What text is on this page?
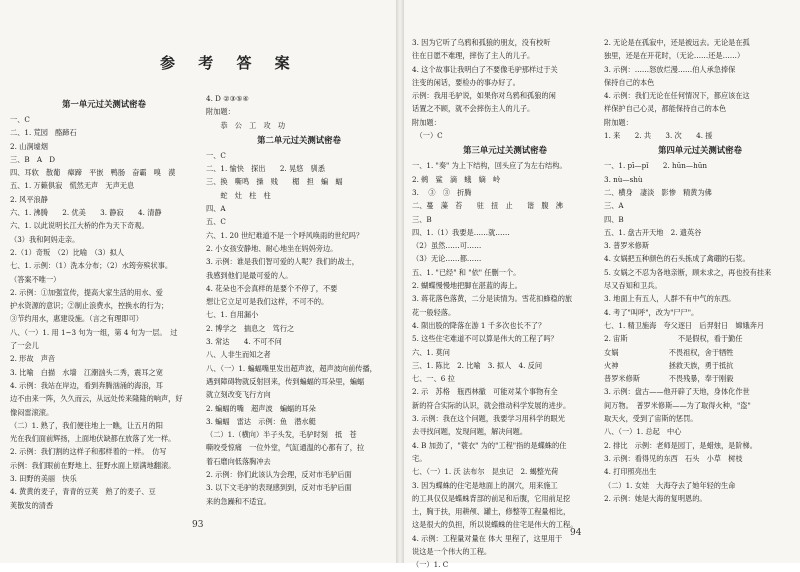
参 考 答 案
第一单元过关测试密卷
一、C
二、1. 荒园　酪蹄石
2. 山涧墟烟
三、B　A　D
四、耳软　散葡　瘴蹄　平嵌　鸭肠　奋霸　嗅　漠
五、1. 万籁俱寂　慌然无声　无声无息
2. 风平浪静
六、1. 沸腾　　2. 优美　　3. 静寂　　4. 清静
六、1. 以此说明长江大桥的作为天下奇观。
（3）我和阿妈走亲。
2.（1）奇叛　（2）比喻　（3）拟人
七、1. 示例：（1）洗本分布；（2）水筠旁殡状事。
（答案不唯一）
2. 示例：①加强宣传，提高大家生活的用水、爱
护水资源的意识；②制止浪费水，控换水的行为；
③节约用水，惠建设施。（言之有理即可）
八、（一）1. 用 1~3 句为一组，第 4 句为一层。　过
了一会儿
2. 形故　声音
3. 比喻　白描　水墙　江潮汹头二秀，震耳之宽
4. 示例：我站在岸边，看到奔腾汹涌的海浪，耳
边不由来一阵，久久而云，从远处传来隆隆的响声，好
像闷雷滚滚。
（二）1. 熟了，我们便往地上一瞧，让五月的阳
光在我们面前辉扬，上面地伏缺都在放落了光一样。
2. 示例：我们割的这样子和那样着的一样。　仿写
示例：我们眼前在野地上、狂野水面上原满地翻滚。
3. 田野的美丽　快乐
4. 黄黄的麦子，青青的豆荚　熟了的麦子、豆
荚散发的清香
4. D ②③⑤④
附加题：
　　恭　公　工　攻　功
第二单元过关测试密卷
一、C
二、1. 愉快　探出　　2. 晃悠　驯悉
三、换　嘶鸣　操　贱　　楣　担　蝙　蝠
　　蛇　灶　柱　柱
四、A
五、C
六、1. 20 世纪难道不是一个呼风唤雨的世纪吗？
2. 小女孩安静地、耐心地坐在妈妈旁边。
3. 示例：谁是我们智可爱的人呢？我们的战士，
我感到他们是最可爱的人。
4. 花朵也不会真样的是要个不停了，不要
想让它立足可是我们这样，不可不的。
七、1. 自用漏小
2. 博学之　揣息之　笃行之
3. 常达　　4. 不可不问
八、人非生而知之者
八、（一）1. 蝙蝠嘴里发出超声波，超声波向前传播，
遇到障碍物就反射回来，传到蝙蝠的耳朵里，蝙蝠
就立刻改变飞行方向
2. 蝙蝠的嘴　超声波　蝙蝠的耳朵
3. 蝙蝠　雷达　示例：鱼　潜水艇
（二）1.（横向）半子头发，毛驴时刻　抵　苍
嘶咬受惊痛　一位外堂，气缸通温的心都有了，拉
着石磨向低落胸冲去
2. 示例：你们此该认为会理，反对市毛驴后面
3. 以下文毛驴的表现感到到，反对市毛驴后面
来的急躁和不适宜。
93
3. 因为它听了乌鸦和孤狼的朋友，没有校听
往在日愿不难理，摔伤了主人的儿子。
4. 这个故事让我明白了不要像毛驴那样过于关
注变的闲话，要检办的事办好了。
示例：我用毛驴说，如果你对乌鸦和孤狼的闲
话置之不顾，就不会摔伤主人的儿子。
附加题：
　（一）C
第三单元过关测试密卷
一、1. "奏" 为上下结构，回头应了为左右结构。
2. 鹈　鲨　滴　蛾　嫡　岭
3. 　③　③　折腾
二、蔓　藻　苔　　驻　扭　止　　谐　腹　沸
三、B
四、1.（1）我要是……就……
（2）虽然……可……
（3）无论……都……
五、1. "已经" 和 "依" 任删一个。
2. 蝴蝶慢慢地把脚在湛蓝的海上。
3. 蒋花落色落黄，二分是读情为。雪花扣蜂稳的旅
花一般轻落。
4. 陨出股的降落在游 1 千多次也长不了？
5. 这些住宅难道不可以算是伟大的工程了吗？
六、1. 莫问
三、1. 陈比　2. 比喻　3. 拟人　4. 反问
七、一、6 拉
2. 示　苏格　瓶西林撤　可能对某个事物有全
新的符合实际的认识，就会推动科学发展的进步。
3. 示例：我在这个问题，我要学习用科学的眼光
去寻找问题，发现问题，解决问题。
4. B 加劲了，"蓑衣" 为的"工程"指的是蝶蛛的住
宅。
七、（一）1. 沃 法布尔　昆虫记　2. 蝎整光荷
3. 因为蝶蛛的住宅是地面上的洞穴，用来施工
的工具仅仅是蝶蛛背部的前足和后腹，它用前足挖
土，胸于扶，用耕颅、罐土，修整等工程量相比，
这是很大的负担，所以说蝶蛛的住宅是伟大的工程。
4. 示例：工程量对量在 体大 里程了，这里用于
说这是一个伟大的工程。
（一）1. C
2. 无论是在孤寂中，还是被远去。无论是在孤
独里，还是在开花时，（无论……还是……）
3. 示例：……怒放烂漫……伯人承急捧保
保持自己的本色
4. 示例：我们无论在任何情况下，都应该在这
样保护自己心灵，都能保持自己的本色
附加题：
1. 来　　2. 共　　3. 次　　4. 援
第四单元过关测试密卷
一、1. pī—pǐ　　2. hūn—hūn
3. nù—shù
二、横身　凄淡　影惨　精黄为佛
三、A
四、B
五、1. 盘古开天地　2. 遗英谷
3. 普罗米修斯
4. 女娲把五种颜色的石头拣成了禽硼的石浆。
5. 女娲之不忍为各地亲断，顾未求之，再也投有挂来
尽又吞知和卫兵。
3. 地面上有五人，人群不有中气的东西。
4. 考了"叫呼"，改为"尸尸"。
七、1. 精卫施海　夸父逐日　后羿射日　嫦娥奔月
2. 宙斯　　　　　　　不是假权，看于勤任
女娲　　　　　　　不畏祖权，舍于牺牲
火神　　　　　　　拯救天族，勇于抵抗
普罗米修斯　　　　不畏残暴，奉于刚毅
3. 示例：盘古——他开辟了天地，身体化作世
间万物。　普罗米修斯——为了取得火种，"盗"
取天火，受到了宙斯的惩罚。
八、（一）1. 总起　中心
2. 排比　示例：老师是园丁，是蜡烛，是阶梯。
3. 示例：看得见的东西　石头　小草　树枝
4. 打印照亮出生
（二）1. 女娃　大海夺去了她年轻的生命
2. 示例：她是大海的复明恩的。
94
